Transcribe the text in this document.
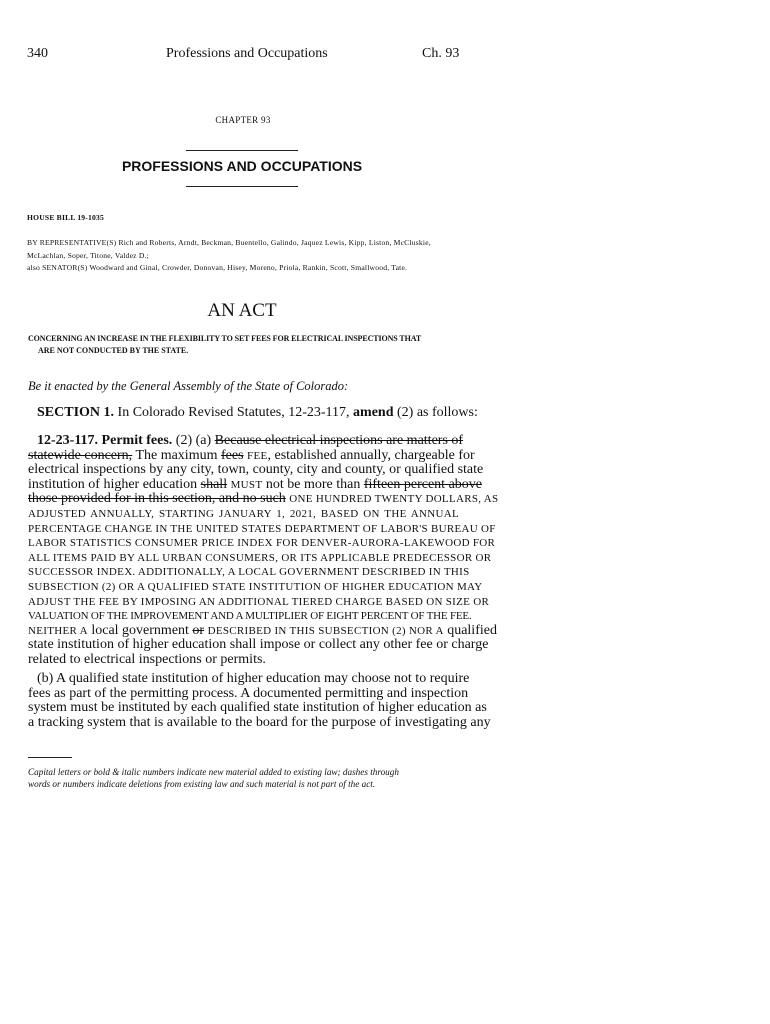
340	Professions and Occupations	Ch. 93
CHAPTER 93
PROFESSIONS AND OCCUPATIONS
HOUSE BILL 19-1035
BY REPRESENTATIVE(S) Rich and Roberts, Arndt, Beckman, Buentello, Galindo, Jaquez Lewis, Kipp, Liston, McCluskie,
McLachlan, Soper, Titone, Valdez D.;
also SENATOR(S) Woodward and Ginal, Crowder, Donovan, Hisey, Moreno, Priola, Rankin, Scott, Smallwood, Tate.
AN ACT
CONCERNING AN INCREASE IN THE FLEXIBILITY TO SET FEES FOR ELECTRICAL INSPECTIONS THAT
ARE NOT CONDUCTED BY THE STATE.
Be it enacted by the General Assembly of the State of Colorado:
SECTION 1. In Colorado Revised Statutes, 12-23-117, amend (2) as follows:
12-23-117. Permit fees. (2) (a) Because electrical inspections are matters of
statewide concern, The maximum fees FEE, established annually, chargeable for
electrical inspections by any city, town, county, city and county, or qualified state
institution of higher education shall MUST not be more than fifteen percent above
those provided for in this section, and no such ONE HUNDRED TWENTY DOLLARS, AS
ADJUSTED ANNUALLY, STARTING JANUARY 1, 2021, BASED ON THE ANNUAL
PERCENTAGE CHANGE IN THE UNITED STATES DEPARTMENT OF LABOR'S BUREAU OF
LABOR STATISTICS CONSUMER PRICE INDEX FOR DENVER-AURORA-LAKEWOOD FOR
ALL ITEMS PAID BY ALL URBAN CONSUMERS, OR ITS APPLICABLE PREDECESSOR OR
SUCCESSOR INDEX. ADDITIONALLY, A LOCAL GOVERNMENT DESCRIBED IN THIS
SUBSECTION (2) OR A QUALIFIED STATE INSTITUTION OF HIGHER EDUCATION MAY
ADJUST THE FEE BY IMPOSING AN ADDITIONAL TIERED CHARGE BASED ON SIZE OR
VALUATION OF THE IMPROVEMENT AND A MULTIPLIER OF EIGHT PERCENT OF THE FEE.
NEITHER A local government or DESCRIBED IN THIS SUBSECTION (2) NOR A qualified
state institution of higher education shall impose or collect any other fee or charge
related to electrical inspections or permits.
(b) A qualified state institution of higher education may choose not to require
fees as part of the permitting process. A documented permitting and inspection
system must be instituted by each qualified state institution of higher education as
a tracking system that is available to the board for the purpose of investigating any
Capital letters or bold & italic numbers indicate new material added to existing law; dashes through
words or numbers indicate deletions from existing law and such material is not part of the act.
